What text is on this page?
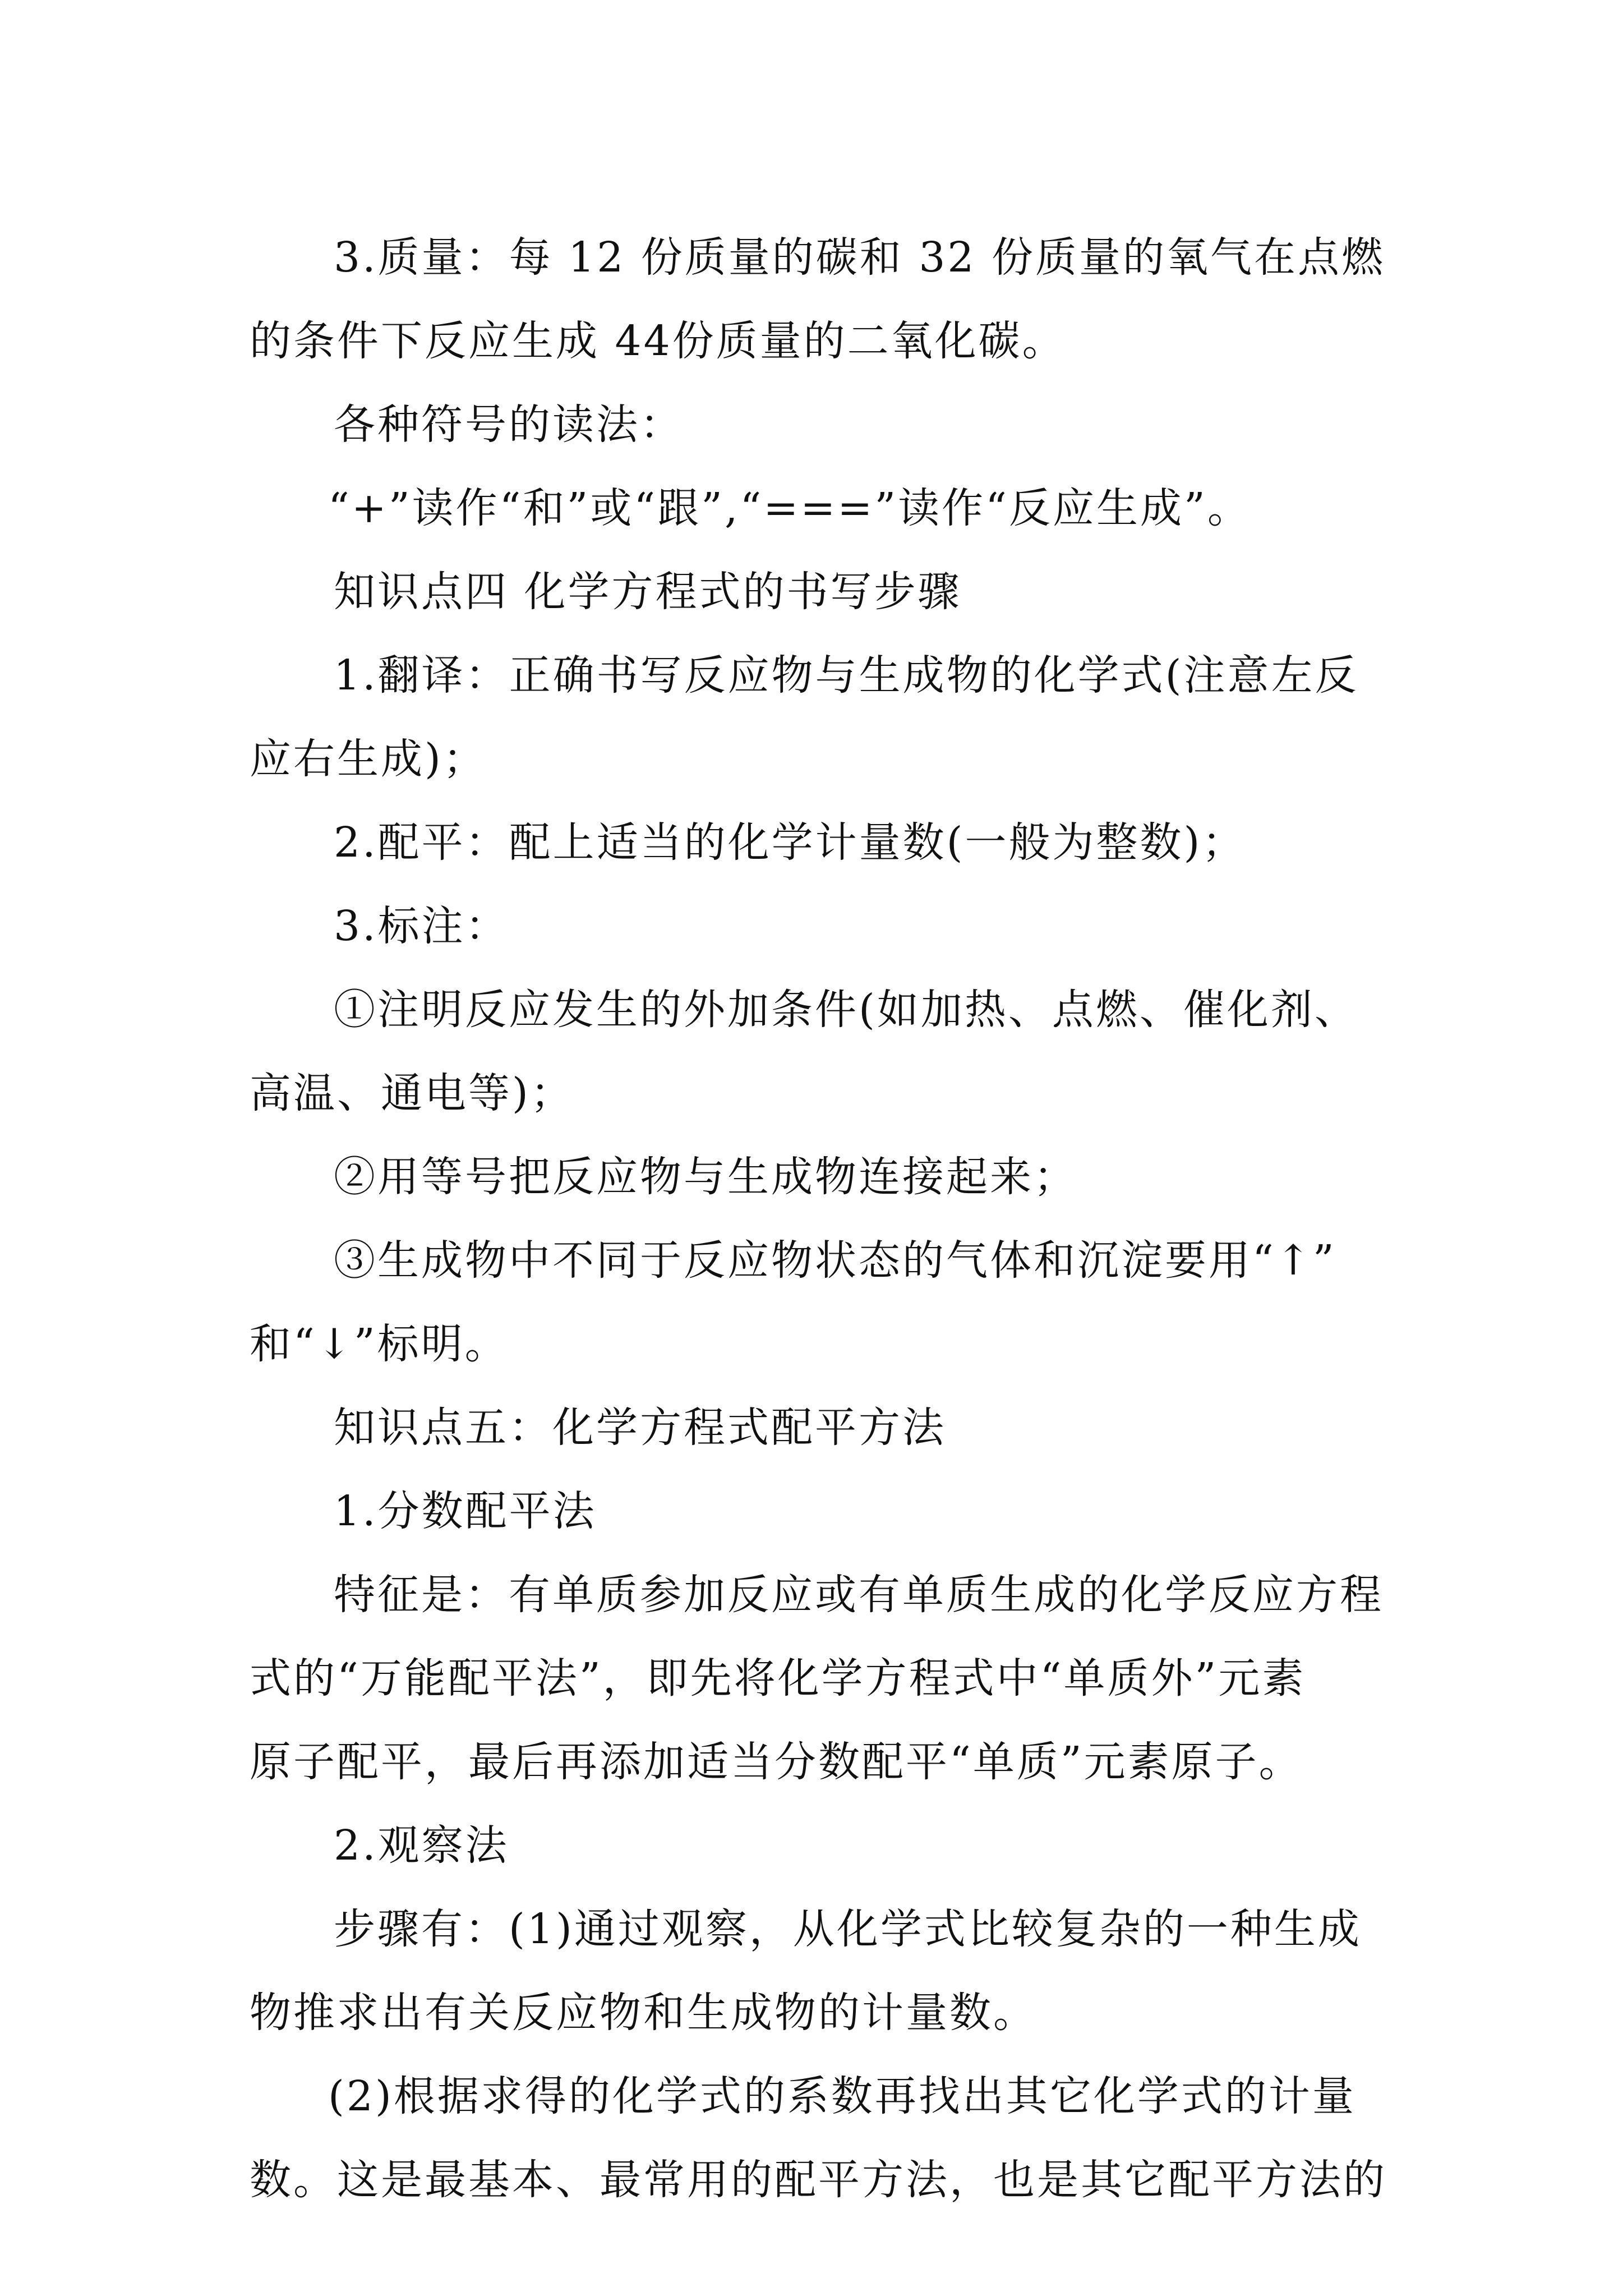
3.质量：每 12 份质量的碳和 32 份质量的氧气在点燃
的条件下反应生成 44份质量的二氧化碳。
各种符号的读法：
“+”读作“和”或“跟”,“===”读作“反应生成”。
知识点四 化学方程式的书写步骤
1.翻译：正确书写反应物与生成物的化学式(注意左反
应右生成)；
2.配平：配上适当的化学计量数(一般为整数)；
3.标注：
①注明反应发生的外加条件(如加热、点燃、催化剂、
高温、通电等)；
②用等号把反应物与生成物连接起来；
③生成物中不同于反应物状态的气体和沉淀要用“↑”
和“↓”标明。
知识点五：化学方程式配平方法
1.分数配平法
特征是：有单质参加反应或有单质生成的化学反应方程
式的“万能配平法”，即先将化学方程式中“单质外”元素
原子配平，最后再添加适当分数配平“单质”元素原子。
2.观察法
步骤有：(1)通过观察，从化学式比较复杂的一种生成
物推求出有关反应物和生成物的计量数。
(2)根据求得的化学式的系数再找出其它化学式的计量
数。这是最基本、最常用的配平方法，也是其它配平方法的
